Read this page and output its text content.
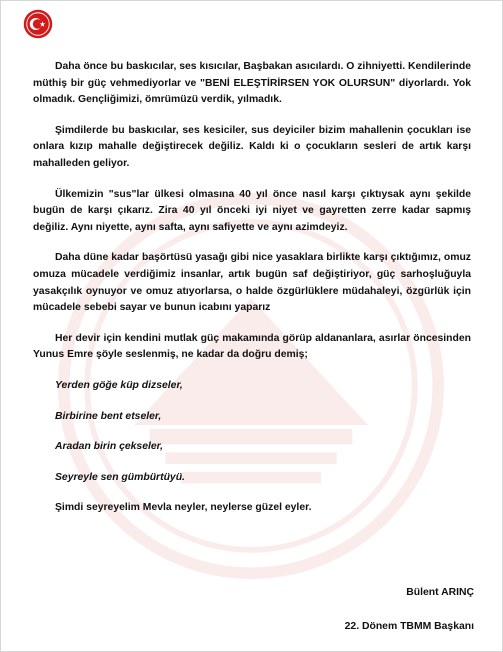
Daha önce bu baskıcılar, ses kısıcılar, Başbakan asıcılardı. O zihniyetti. Kendilerinde müthiş bir güç vehmediyorlar ve "BENİ ELEŞTİRİRSEN YOK OLURSUN" diyorlardı. Yok olmadık. Gençliğimizi, ömrümüzü verdik, yılmadık.

Şimdilerde bu baskıcılar, ses kesiciler, sus deyiciler bizim mahallenin çocukları ise onlara kızıp mahalle değiştirecek değiliz. Kaldı ki o çocukların sesleri de artık karşı mahalleden geliyor.

Ülkemizin "sus"lar ülkesi olmasına 40 yıl önce nasıl karşı çıktıysak aynı şekilde bugün de karşı çıkarız. Zira 40 yıl önceki iyi niyet ve gayretten zerre kadar sapmış değiliz. Aynı niyette, aynı safta, aynı safiyette ve aynı azimdeyiz.

Daha düne kadar başörtüsü yasağı gibi nice yasaklara birlikte karşı çıktığımız, omuz omuza mücadele verdiğimiz insanlar, artık bugün saf değiştiriyor, güç sarhoşluğuyla yasakçılık oynuyor ve omuz atıyorlarsa, o halde özgürlüklere müdahaleyi, özgürlük için mücadele sebebi sayar ve bunun icabını yaparız

Her devir için kendini mutlak güç makamında görüp aldananlara, asırlar öncesinden Yunus Emre şöyle seslenmiş, ne kadar da doğru demiş;

Yerden göğe küp dizseler,
Birbirine bent etseler,
Aradan birin çekseler,
Seyreyle sen gümbürtüyü.
Şimdi seyreyelim Mevla neyler, neylerse güzel eyler.
Bülent ARINÇ
22. Dönem TBMM Başkanı
